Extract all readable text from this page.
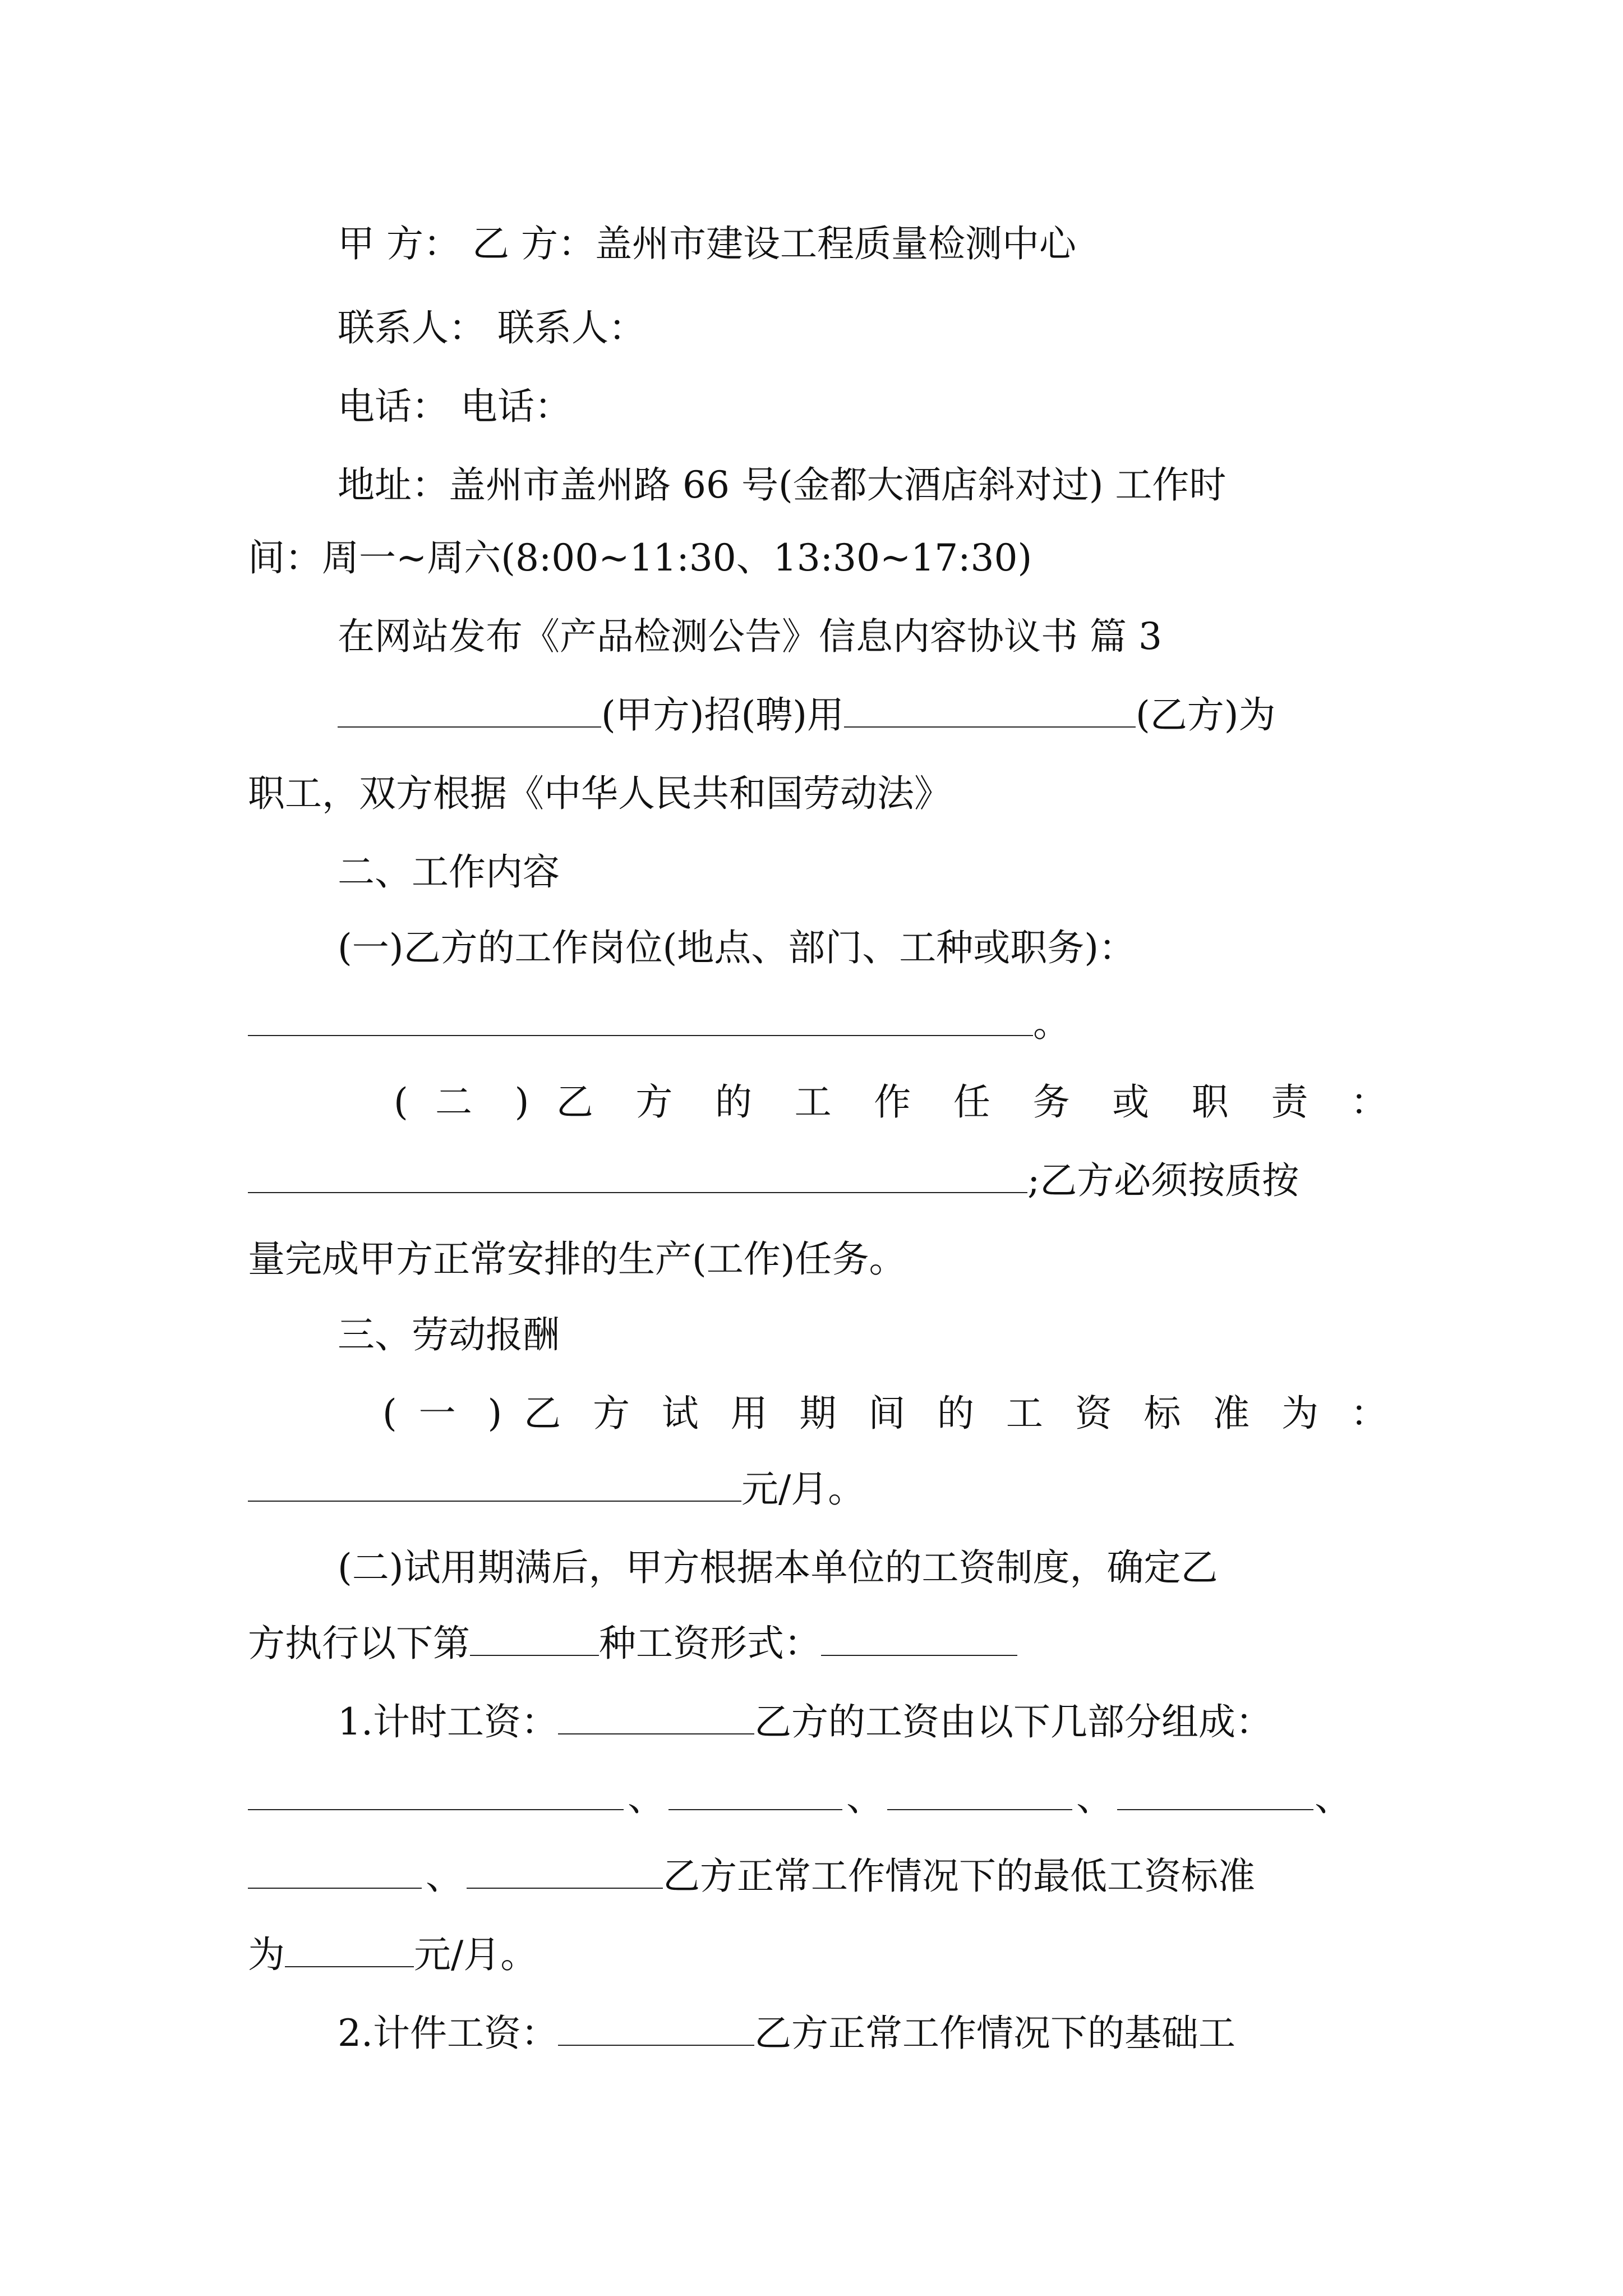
甲 方： 乙 方：盖州市建设工程质量检测中心
联系人： 联系人：
电话： 电话：
地址：盖州市盖州路 66 号(金都大酒店斜对过) 工作时
间：周一~周六(8:00~11:30、13:30~17:30)
在网站发布《产品检测公告》信息内容协议书 篇 3
(甲方)招(聘)用	(乙方)为
职工，双方根据《中华人民共和国劳动法》
二、工作内容
(一)乙方的工作岗位(地点、部门、工种或职务)：
。
( 二 ) 乙 方 的 工 作 任 务 或 职 责 ：
;乙方必须按质按
量完成甲方正常安排的生产(工作)任务。
三、劳动报酬
( 一 ) 乙 方 试 用 期 间 的 工 资 标 准 为 ：
元/月。
(二)试用期满后，甲方根据本单位的工资制度，确定乙
方执行以下第	种工资形式：
1.计时工资：	乙方的工资由以下几部分组成：
、	、	、	、
、	乙方正常工作情况下的最低工资标准
为	元/月。
2.计件工资：	乙方正常工作情况下的基础工
